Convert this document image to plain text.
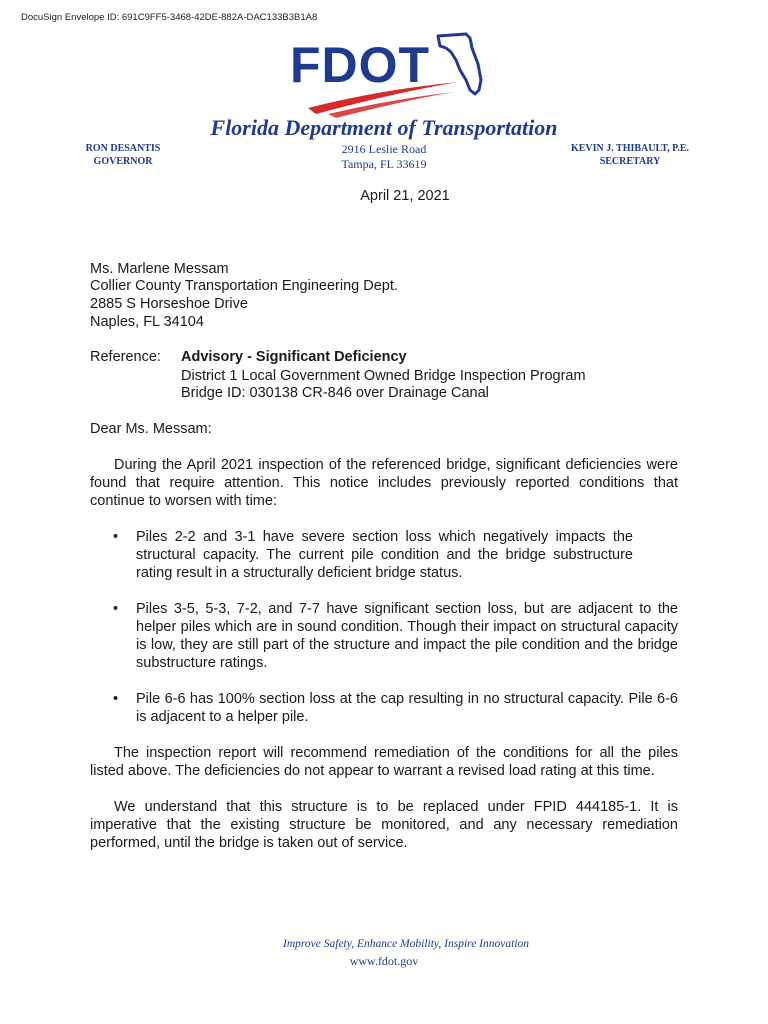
DocuSign Envelope ID: 691C9FF5-3468-42DE-882A-DAC133B3B1A8
FDOT
Florida Department of Transportation
2916 Leslie Road
Tampa, FL 33619
RON DESANTIS
GOVERNOR
KEVIN J. THIBAULT, P.E.
SECRETARY
April 21, 2021
Ms. Marlene Messam
Collier County Transportation Engineering Dept.
2885 S Horseshoe Drive
Naples, FL 34104
Reference: Advisory - Significant Deficiency
District 1 Local Government Owned Bridge Inspection Program
Bridge ID: 030138 CR-846 over Drainage Canal
Dear Ms. Messam:
During the April 2021 inspection of the referenced bridge, significant deficiencies were found that require attention. This notice includes previously reported conditions that continue to worsen with time:
• Piles 2-2 and 3-1 have severe section loss which negatively impacts the structural capacity. The current pile condition and the bridge substructure rating result in a structurally deficient bridge status.
• Piles 3-5, 5-3, 7-2, and 7-7 have significant section loss, but are adjacent to the helper piles which are in sound condition. Though their impact on structural capacity is low, they are still part of the structure and impact the pile condition and the bridge substructure ratings.
• Pile 6-6 has 100% section loss at the cap resulting in no structural capacity. Pile 6-6 is adjacent to a helper pile.
The inspection report will recommend remediation of the conditions for all the piles listed above. The deficiencies do not appear to warrant a revised load rating at this time.
We understand that this structure is to be replaced under FPID 444185-1. It is imperative that the existing structure be monitored, and any necessary remediation performed, until the bridge is taken out of service.
Improve Safety, Enhance Mobility, Inspire Innovation
www.fdot.gov
